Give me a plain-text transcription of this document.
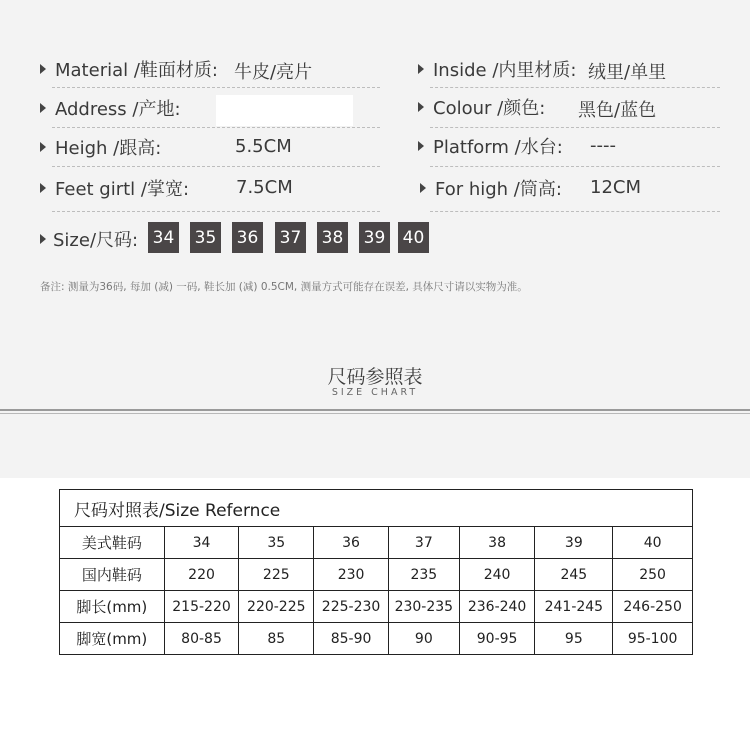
Material /鞋面材质: 牛皮/亮片
Address /产地:
Heigh /跟高:	5.5CM
Feet girtl /掌宽:	7.5CM
Inside /内里材质: 绒里/单里
Colour /颜色: 黑色/蓝色
Platform /水台: ----
For high /筒高: 12CM
Size/尺码: 34 35 36 37 38 39 40
备注: 测量为36码, 每加 (减) 一码, 鞋长加 (减) 0.5CM, 测量方式可能存在误差, 具体尺寸请以实物为准。
尺码参照表
SIZE CHART
尺码对照表/Size Refernce							
美式鞋码	34	35	36	37	38	39	40
国内鞋码	220	225	230	235	240	245	250
脚长(mm)	215-220	220-225	225-230	230-235	236-240	241-245	246-250
脚宽(mm)	80-85	85	85-90	90	90-95	95	95-100
